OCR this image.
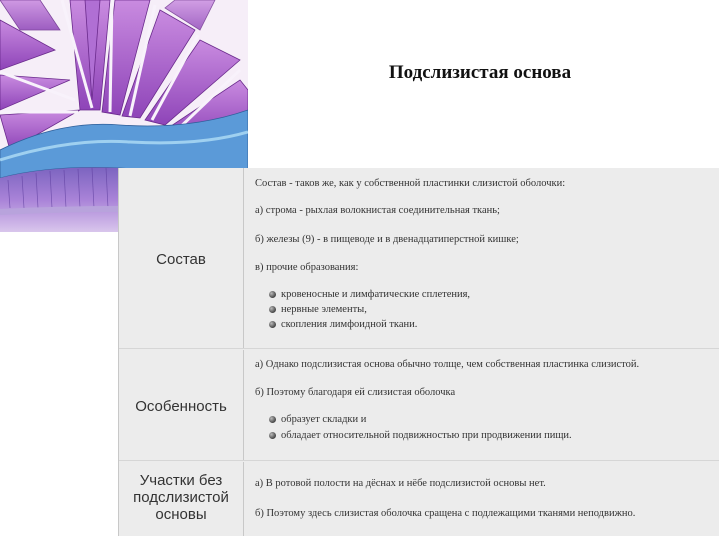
Подслизистая основа
Состав
Состав - таков же, как у собственной пластинки слизистой оболочки:
а) строма - рыхлая волокнистая соединительная ткань;
б) железы (9) - в пищеводе и в двенадцатиперстной кишке;
в) прочие образования:
кровеносные и лимфатические сплетения,
нервные элементы,
скопления лимфоидной ткани.
Особенность
а) Однако подслизистая основа обычно толще, чем собственная пластинка слизистой.
б) Поэтому благодаря ей слизистая оболочка
образует складки и
обладает относительной подвижностью при продвижении пищи.
Участки без
подслизистой
основы
а) В ротовой полости на дёснах и нёбе подслизистой основы нет.
б) Поэтому здесь слизистая оболочка сращена с подлежащими тканями неподвижно.
